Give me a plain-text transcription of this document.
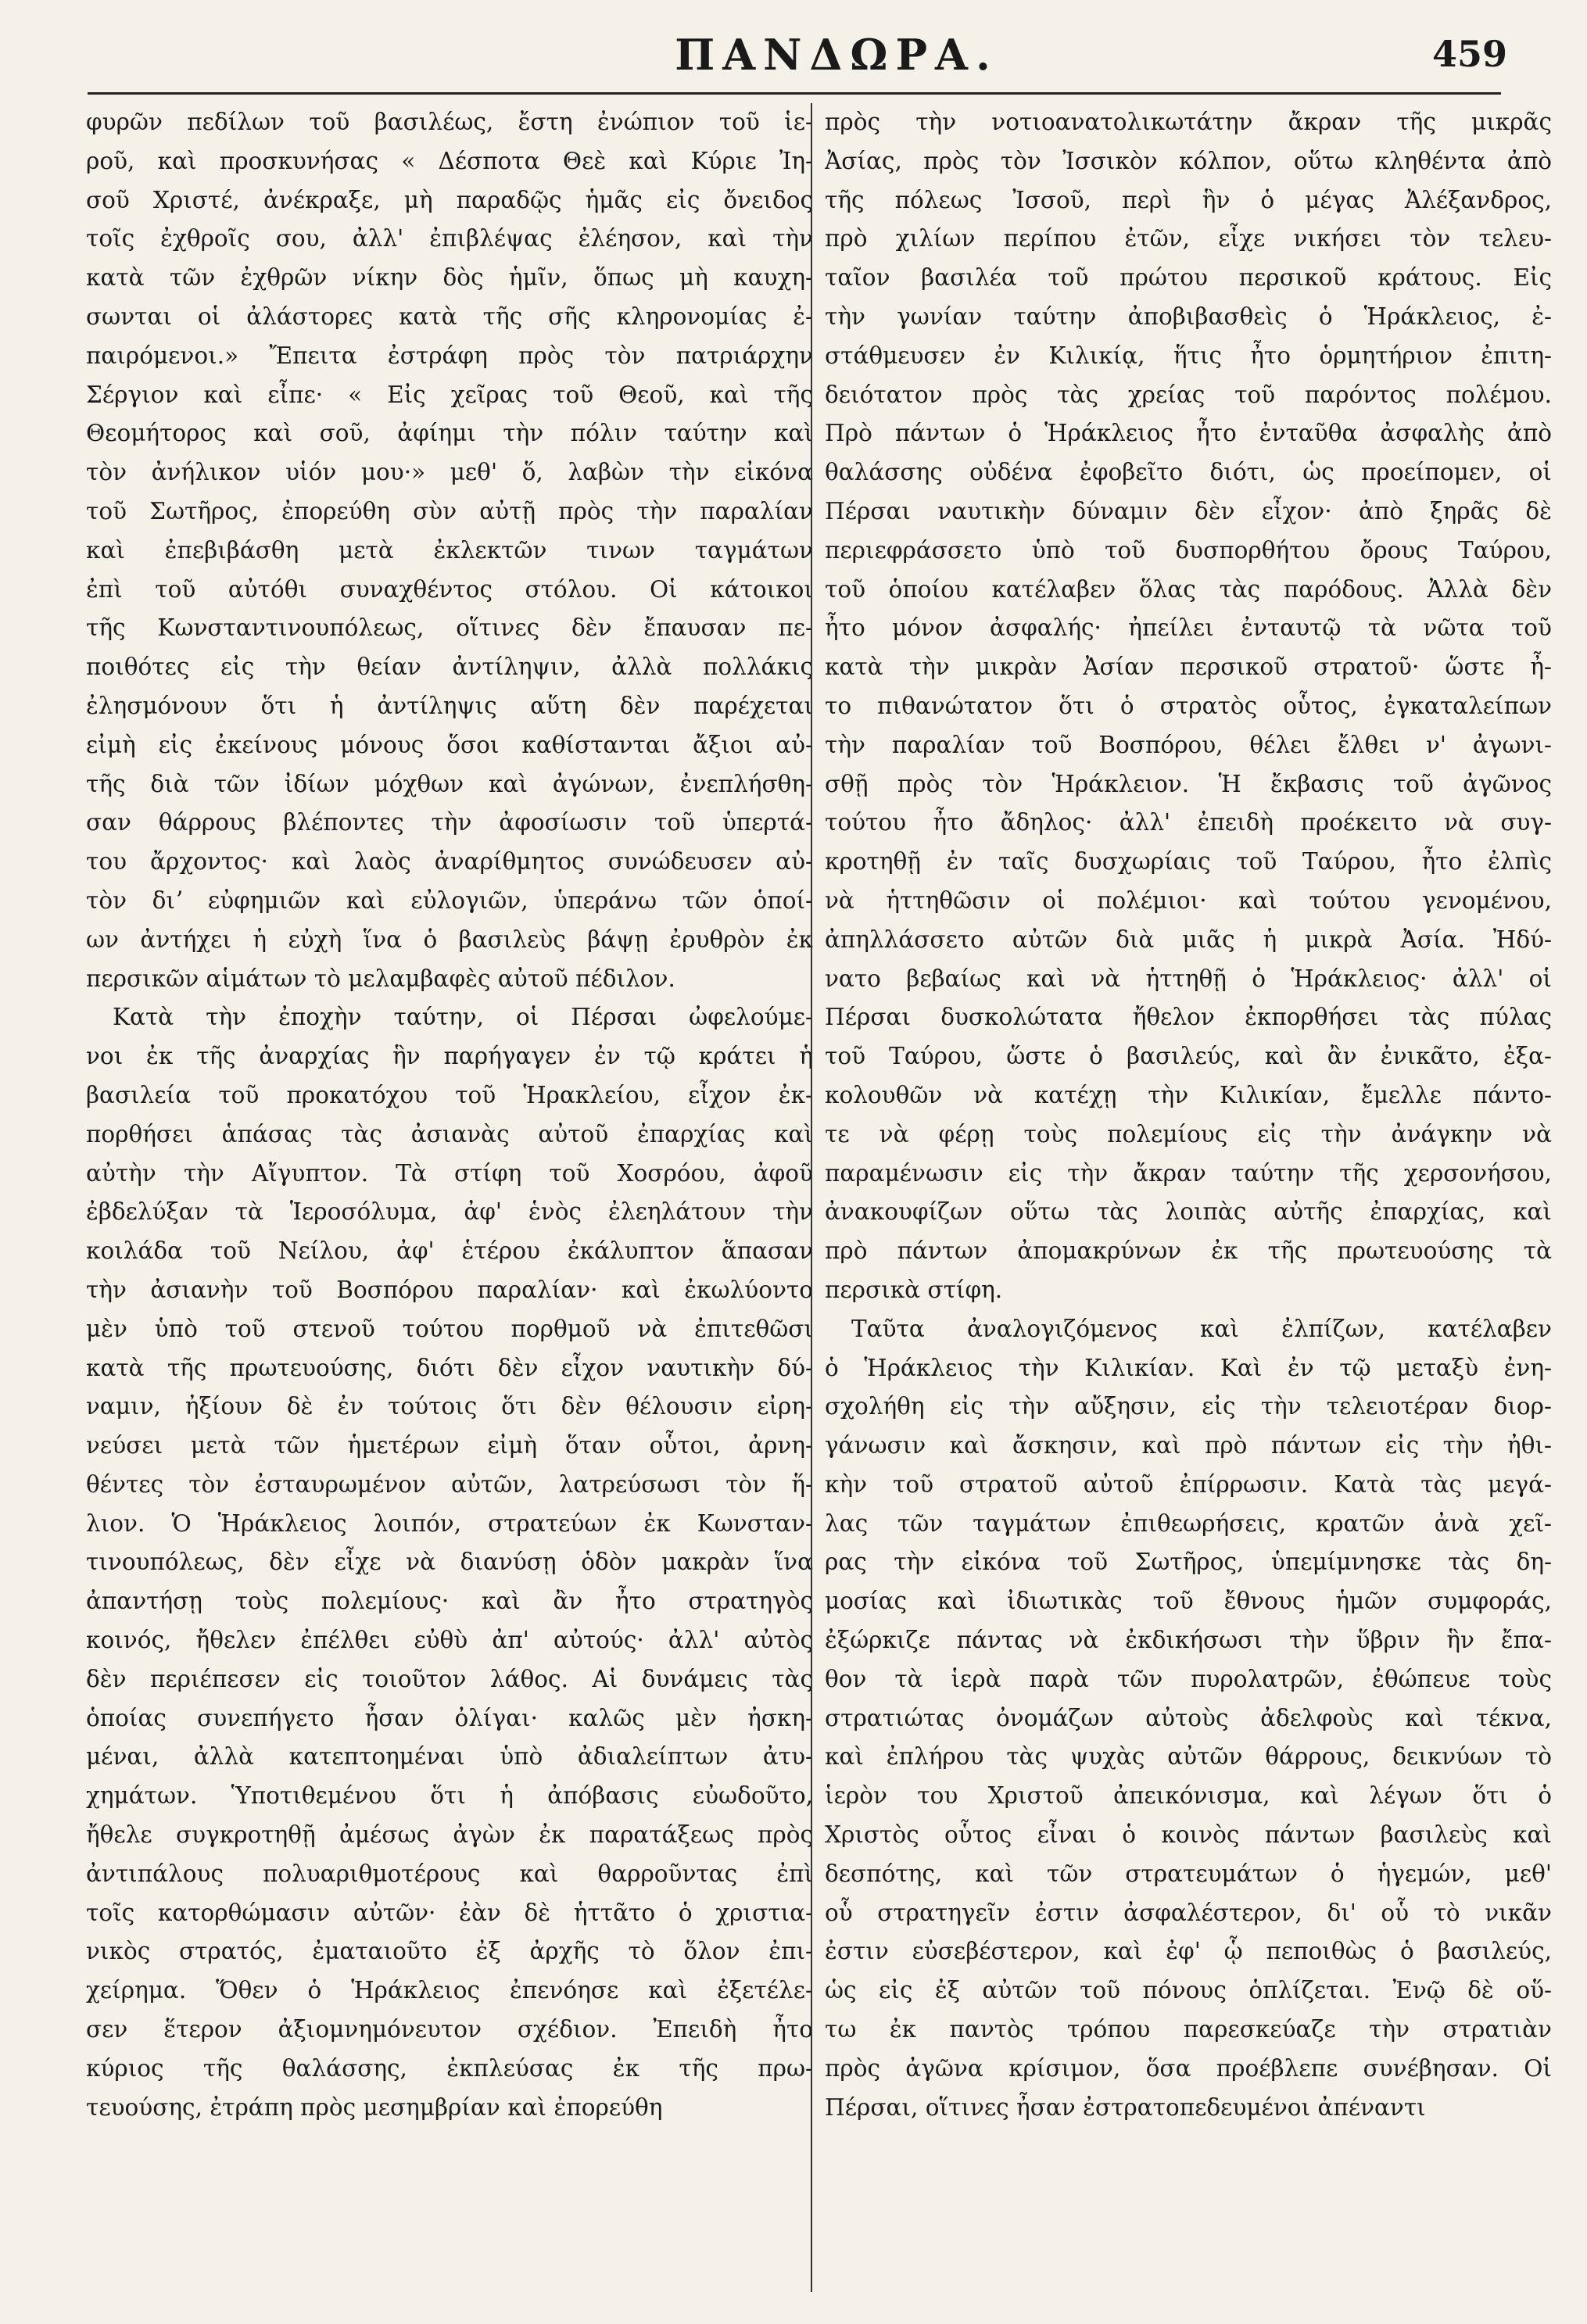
ΠΑΝΔΩΡΑ.	459
φυρῶν πεδίλων τοῦ βασιλέως, ἔστη ἐνώπιον τοῦ ἱε-
ροῦ, καὶ προσκυνήσας « Δέσποτα Θεὲ καὶ Κύριε Ἰη-
σοῦ Χριστέ, ἀνέκραξε, μὴ παραδῷς ἡμᾶς εἰς ὄνειδος
τοῖς ἐχθροῖς σου, ἀλλ' ἐπιβλέψας ἐλέησον, καὶ τὴν
κατὰ τῶν ἐχθρῶν νίκην δὸς ἡμῖν, ὅπως μὴ καυχη-
σωνται οἱ ἀλάστορες κατὰ τῆς σῆς κληρονομίας ἐ-
παιρόμενοι.» Ἔπειτα ἐστράφη πρὸς τὸν πατριάρχην
Σέργιον καὶ εἶπε· « Εἰς χεῖρας τοῦ Θεοῦ, καὶ τῆς
Θεομήτορος καὶ σοῦ, ἀφίημι τὴν πόλιν ταύτην καὶ
τὸν ἀνήλικον υἱόν μου·» μεθ' ὅ, λαβὼν τὴν εἰκόνα
τοῦ Σωτῆρος, ἐπορεύθη σὺν αὐτῇ πρὸς τὴν παραλίαν
καὶ ἐπεβιβάσθη μετὰ ἐκλεκτῶν τινων ταγμάτων
ἐπὶ τοῦ αὐτόθι συναχθέντος στόλου. Οἱ κάτοικοι
τῆς Κωνσταντινουπόλεως, οἵτινες δὲν ἔπαυσαν πε-
ποιθότες εἰς τὴν θείαν ἀντίληψιν, ἀλλὰ πολλάκις
ἐλησμόνουν ὅτι ἡ ἀντίληψις αὕτη δὲν παρέχεται
εἰμὴ εἰς ἐκείνους μόνους ὅσοι καθίστανται ἄξιοι αὐ-
τῆς διὰ τῶν ἰδίων μόχθων καὶ ἀγώνων, ἐνεπλήσθη-
σαν θάρρους βλέποντες τὴν ἀφοσίωσιν τοῦ ὑπερτά-
του ἄρχοντος· καὶ λαὸς ἀναρίθμητος συνώδευσεν αὐ-
τὸν διʼ εὐφημιῶν καὶ εὐλογιῶν, ὑπεράνω τῶν ὁποί-
ων ἀντήχει ἡ εὐχὴ ἵνα ὁ βασιλεὺς βάψῃ ἐρυθρὸν ἐκ
περσικῶν αἱμάτων τὸ μελαμβαφὲς αὐτοῦ πέδιλον.
Κατὰ τὴν ἐποχὴν ταύτην, οἱ Πέρσαι ὠφελούμε-
νοι ἐκ τῆς ἀναρχίας ἣν παρήγαγεν ἐν τῷ κράτει ἡ
βασιλεία τοῦ προκατόχου τοῦ Ἡρακλείου, εἶχον ἐκ-
πορθήσει ἁπάσας τὰς ἀσιανὰς αὐτοῦ ἐπαρχίας καὶ
αὐτὴν τὴν Αἴγυπτον. Τὰ στίφη τοῦ Χοσρόου, ἀφοῦ
ἐβδελύξαν τὰ Ἱεροσόλυμα, ἀφ' ἑνὸς ἐλεηλάτουν τὴν
κοιλάδα τοῦ Νείλου, ἀφ' ἑτέρου ἐκάλυπτον ἅπασαν
τὴν ἀσιανὴν τοῦ Βοσπόρου παραλίαν· καὶ ἐκωλύοντο
μὲν ὑπὸ τοῦ στενοῦ τούτου πορθμοῦ νὰ ἐπιτεθῶσι
κατὰ τῆς πρωτευούσης, διότι δὲν εἶχον ναυτικὴν δύ-
ναμιν, ἠξίουν δὲ ἐν τούτοις ὅτι δὲν θέλουσιν εἰρη-
νεύσει μετὰ τῶν ἡμετέρων εἰμὴ ὅταν οὗτοι, ἀρνη-
θέντες τὸν ἐσταυρωμένον αὐτῶν, λατρεύσωσι τὸν ἥ-
λιον. Ὁ Ἡράκλειος λοιπόν, στρατεύων ἐκ Κωνσταν-
τινουπόλεως, δὲν εἶχε νὰ διανύσῃ ὁδὸν μακρὰν ἵνα
ἀπαντήσῃ τοὺς πολεμίους· καὶ ἂν ἦτο στρατηγὸς
κοινός, ἤθελεν ἐπέλθει εὐθὺ ἀπ' αὐτούς· ἀλλ' αὐτὸς
δὲν περιέπεσεν εἰς τοιοῦτον λάθος. Αἱ δυνάμεις τὰς
ὁποίας συνεπήγετο ἦσαν ὀλίγαι· καλῶς μὲν ἠσκη-
μέναι, ἀλλὰ κατεπτοημέναι ὑπὸ ἀδιαλείπτων ἀτυ-
χημάτων. Ὑποτιθεμένου ὅτι ἡ ἀπόβασις εὐωδοῦτο,
ἤθελε συγκροτηθῇ ἀμέσως ἀγὼν ἐκ παρατάξεως πρὸς
ἀντιπάλους πολυαριθμοτέρους καὶ θαρροῦντας ἐπὶ
τοῖς κατορθώμασιν αὐτῶν· ἐὰν δὲ ἡττᾶτο ὁ χριστια-
νικὸς στρατός, ἐματαιοῦτο ἐξ ἀρχῆς τὸ ὅλον ἐπι-
χείρημα. Ὅθεν ὁ Ἡράκλειος ἐπενόησε καὶ ἐξετέλε-
σεν ἕτερον ἀξιομνημόνευτον σχέδιον. Ἐπειδὴ ἦτο
κύριος τῆς θαλάσσης, ἐκπλεύσας ἐκ τῆς πρω-
τευούσης, ἐτράπη πρὸς μεσημβρίαν καὶ ἐπορεύθη
πρὸς τὴν νοτιοανατολικωτάτην ἄκραν τῆς μικρᾶς
Ἀσίας, πρὸς τὸν Ἰσσικὸν κόλπον, οὕτω κληθέντα ἀπὸ
τῆς πόλεως Ἰσσοῦ, περὶ ἣν ὁ μέγας Ἀλέξανδρος,
πρὸ χιλίων περίπου ἐτῶν, εἶχε νικήσει τὸν τελευ-
ταῖον βασιλέα τοῦ πρώτου περσικοῦ κράτους. Εἰς
τὴν γωνίαν ταύτην ἀποβιβασθεὶς ὁ Ἡράκλειος, ἐ-
στάθμευσεν ἐν Κιλικίᾳ, ἥτις ἦτο ὁρμητήριον ἐπιτη-
δειότατον πρὸς τὰς χρείας τοῦ παρόντος πολέμου.
Πρὸ πάντων ὁ Ἡράκλειος ἦτο ἐνταῦθα ἀσφαλὴς ἀπὸ
θαλάσσης οὐδένα ἐφοβεῖτο διότι, ὡς προείπομεν, οἱ
Πέρσαι ναυτικὴν δύναμιν δὲν εἶχον· ἀπὸ ξηρᾶς δὲ
περιεφράσσετο ὑπὸ τοῦ δυσπορθήτου ὄρους Ταύρου,
τοῦ ὁποίου κατέλαβεν ὅλας τὰς παρόδους. Ἀλλὰ δὲν
ἦτο μόνον ἀσφαλής· ἠπείλει ἐνταυτῷ τὰ νῶτα τοῦ
κατὰ τὴν μικρὰν Ἀσίαν περσικοῦ στρατοῦ· ὥστε ἦ-
το πιθανώτατον ὅτι ὁ στρατὸς οὗτος, ἐγκαταλείπων
τὴν παραλίαν τοῦ Βοσπόρου, θέλει ἔλθει ν' ἀγωνι-
σθῇ πρὸς τὸν Ἡράκλειον. Ἡ ἔκβασις τοῦ ἀγῶνος
τούτου ἦτο ἄδηλος· ἀλλ' ἐπειδὴ προέκειτο νὰ συγ-
κροτηθῇ ἐν ταῖς δυσχωρίαις τοῦ Ταύρου, ἦτο ἐλπὶς
νὰ ἡττηθῶσιν οἱ πολέμιοι· καὶ τούτου γενομένου,
ἀπηλλάσσετο αὐτῶν διὰ μιᾶς ἡ μικρὰ Ἀσία. Ἠδύ-
νατο βεβαίως καὶ νὰ ἡττηθῇ ὁ Ἡράκλειος· ἀλλ' οἱ
Πέρσαι δυσκολώτατα ἤθελον ἐκπορθήσει τὰς πύλας
τοῦ Ταύρου, ὥστε ὁ βασιλεύς, καὶ ἂν ἐνικᾶτο, ἐξα-
κολουθῶν νὰ κατέχῃ τὴν Κιλικίαν, ἔμελλε πάντο-
τε νὰ φέρῃ τοὺς πολεμίους εἰς τὴν ἀνάγκην νὰ
παραμένωσιν εἰς τὴν ἄκραν ταύτην τῆς χερσονήσου,
ἀνακουφίζων οὕτω τὰς λοιπὰς αὐτῆς ἐπαρχίας, καὶ
πρὸ πάντων ἀπομακρύνων ἐκ τῆς πρωτευούσης τὰ
περσικὰ στίφη.
Ταῦτα ἀναλογιζόμενος καὶ ἐλπίζων, κατέλαβεν
ὁ Ἡράκλειος τὴν Κιλικίαν. Καὶ ἐν τῷ μεταξὺ ἐνη-
σχολήθη εἰς τὴν αὔξησιν, εἰς τὴν τελειοτέραν διορ-
γάνωσιν καὶ ἄσκησιν, καὶ πρὸ πάντων εἰς τὴν ἠθι-
κὴν τοῦ στρατοῦ αὐτοῦ ἐπίρρωσιν. Κατὰ τὰς μεγά-
λας τῶν ταγμάτων ἐπιθεωρήσεις, κρατῶν ἀνὰ χεῖ-
ρας τὴν εἰκόνα τοῦ Σωτῆρος, ὑπεμίμνησκε τὰς δη-
μοσίας καὶ ἰδιωτικὰς τοῦ ἔθνους ἡμῶν συμφοράς,
ἐξώρκιζε πάντας νὰ ἐκδικήσωσι τὴν ὕβριν ἣν ἔπα-
θον τὰ ἱερὰ παρὰ τῶν πυρολατρῶν, ἐθώπευε τοὺς
στρατιώτας ὀνομάζων αὐτοὺς ἀδελφοὺς καὶ τέκνα,
καὶ ἐπλήρου τὰς ψυχὰς αὐτῶν θάρρους, δεικνύων τὸ
ἱερὸν του Χριστοῦ ἀπεικόνισμα, καὶ λέγων ὅτι ὁ
Χριστὸς οὗτος εἶναι ὁ κοινὸς πάντων βασιλεὺς καὶ
δεσπότης, καὶ τῶν στρατευμάτων ὁ ἡγεμών, μεθ'
οὗ στρατηγεῖν ἐστιν ἀσφαλέστερον, δι' οὗ τὸ νικᾶν
ἐστιν εὐσεβέστερον, καὶ ἐφ' ᾧ πεποιθὼς ὁ βασιλεύς,
ὡς εἰς ἐξ αὐτῶν τοῦ πόνους ὁπλίζεται. Ἐνῷ δὲ οὕ-
τω ἐκ παντὸς τρόπου παρεσκεύαζε τὴν στρατιὰν
πρὸς ἀγῶνα κρίσιμον, ὅσα προέβλεπε συνέβησαν. Οἱ
Πέρσαι, οἵτινες ἦσαν ἐστρατοπεδευμένοι ἀπέναντι
